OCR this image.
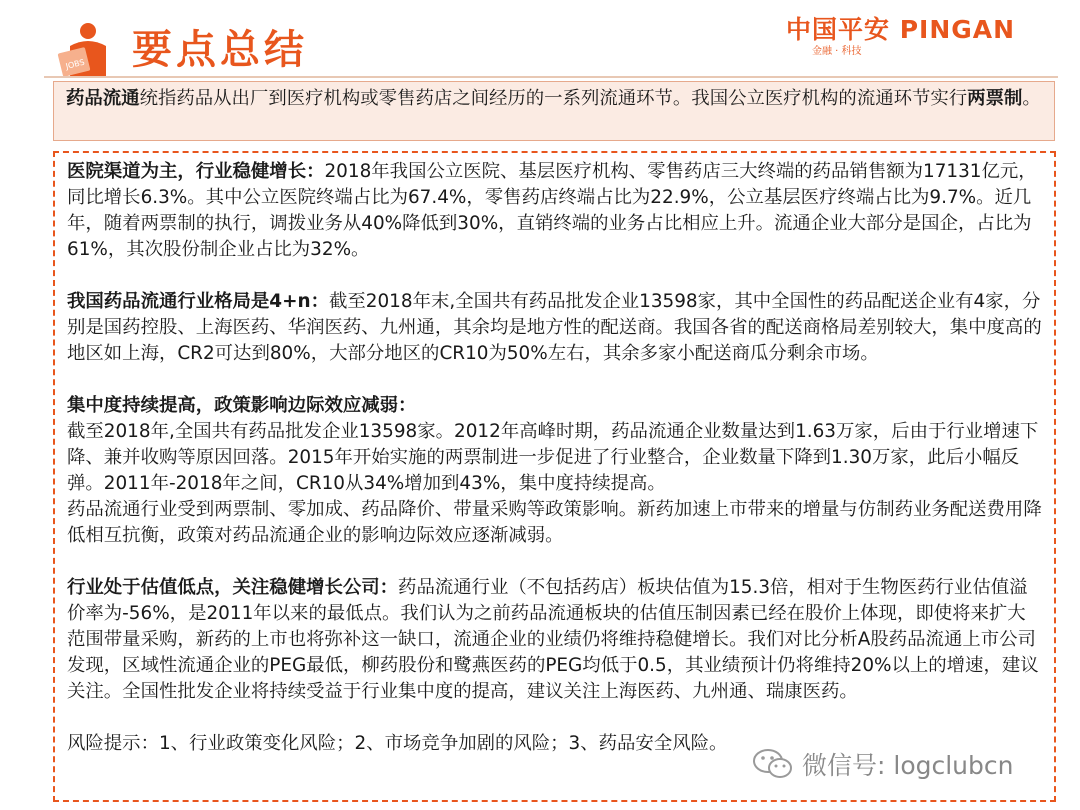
JOBS 要点总结	中国平安 PINGAN
金融 · 科技
药品流通统指药品从出厂到医疗机构或零售药店之间经历的一系列流通环节。我国公立医疗机构的流通环节实行两票制。

医院渠道为主，行业稳健增长：2018年我国公立医院、基层医疗机构、零售药店三大终端的药品销售额为17131亿元，同比增长6.3%。其中公立医院终端占比为67.4%，零售药店终端占比为22.9%，公立基层医疗终端占比为9.7%。近几年，随着两票制的执行，调拨业务从40%降低到30%，直销终端的业务占比相应上升。流通企业大部分是国企，占比为61%，其次股份制企业占比为32%。

我国药品流通行业格局是4+n：截至2018年末,全国共有药品批发企业13598家，其中全国性的药品配送企业有4家，分别是国药控股、上海医药、华润医药、九州通，其余均是地方性的配送商。我国各省的配送商格局差别较大，集中度高的地区如上海，CR2可达到80%，大部分地区的CR10为50%左右，其余多家小配送商瓜分剩余市场。

集中度持续提高，政策影响边际效应减弱：

截至2018年,全国共有药品批发企业13598家。2012年高峰时期，药品流通企业数量达到1.63万家，后由于行业增速下降、兼并收购等原因回落。2015年开始实施的两票制进一步促进了行业整合，企业数量下降到1.30万家，此后小幅反弹。2011年-2018年之间，CR10从34%增加到43%，集中度持续提高。

药品流通行业受到两票制、零加成、药品降价、带量采购等政策影响。新药加速上市带来的增量与仿制药业务配送费用降低相互抗衡，政策对药品流通企业的影响边际效应逐渐减弱。

行业处于估值低点，关注稳健增长公司：药品流通行业（不包括药店）板块估值为15.3倍，相对于生物医药行业估值溢价率为-56%，是2011年以来的最低点。我们认为之前药品流通板块的估值压制因素已经在股价上体现，即使将来扩大范围带量采购，新药的上市也将弥补这一缺口，流通企业的业绩仍将维持稳健增长。我们对比分析A股药品流通上市公司发现，区域性流通企业的PEG最低，柳药股份和鹭燕医药的PEG均低于0.5，其业绩预计仍将维持20%以上的增速，建议关注。全国性批发企业将持续受益于行业集中度的提高，建议关注上海医药、九州通、瑞康医药。

风险提示：1、行业政策变化风险；2、市场竞争加剧的风险；3、药品安全风险。

微信号: logclubcn
